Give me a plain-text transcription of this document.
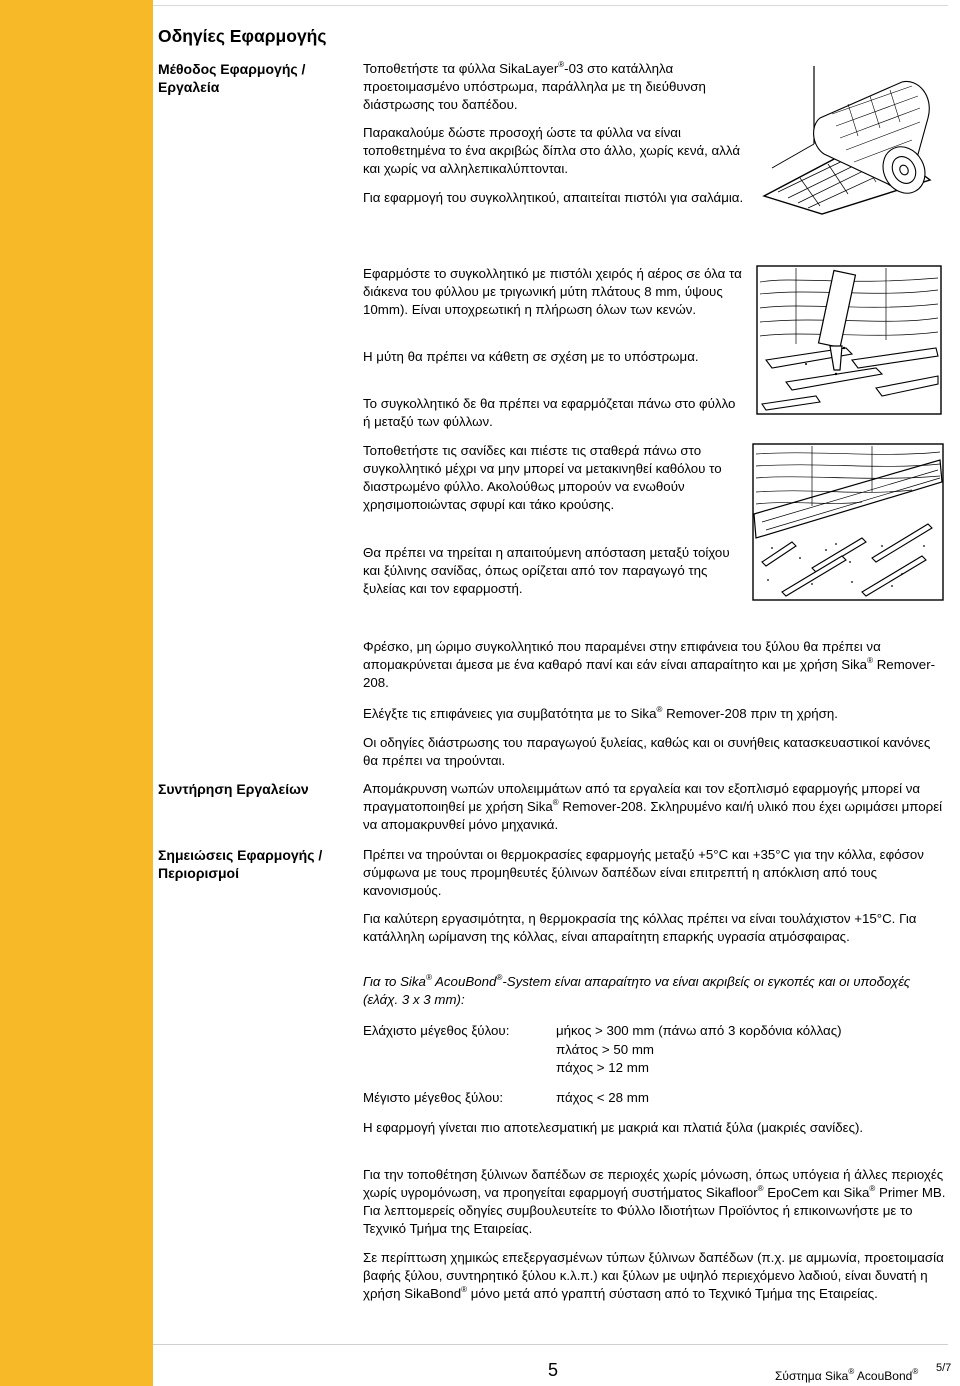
Οδηγίες Εφαρμογής

Μέθοδος Εφαρμογής / Εργαλεία

Τοποθετήστε τα φύλλα SikaLayer®-03 στο κατάλληλα προετοιμασμένο υπόστρωμα, παράλληλα με τη διεύθυνση διάστρωσης του δαπέδου.

Παρακαλούμε δώστε προσοχή ώστε τα φύλλα να είναι τοποθετημένα το ένα ακριβώς δίπλα στο άλλο, χωρίς κενά, αλλά και χωρίς να αλληλεπικαλύπτονται.

Για εφαρμογή του συγκολλητικού, απαιτείται πιστόλι για σαλάμια.

Εφαρμόστε το συγκολλητικό με πιστόλι χειρός ή αέρος σε όλα τα διάκενα του φύλλου με τριγωνική μύτη πλάτους 8 mm, ύψους 10mm). Είναι υποχρεωτική η πλήρωση όλων των κενών.

Η μύτη θα πρέπει να κάθετη σε σχέση με το υπόστρωμα.

Το συγκολλητικό δε θα πρέπει να εφαρμόζεται πάνω στο φύλλο ή μεταξύ των φύλλων.

Τοποθετήστε τις σανίδες και πιέστε τις σταθερά πάνω στο συγκολλητικό μέχρι να μην μπορεί να μετακινηθεί καθόλου το διαστρωμένο φύλλο. Ακολούθως μπορούν να ενωθούν χρησιμοποιώντας σφυρί και τάκο κρούσης.

Θα πρέπει να τηρείται η απαιτούμενη απόσταση μεταξύ τοίχου και ξύλινης σανίδας, όπως ορίζεται από τον παραγωγό της ξυλείας και τον εφαρμοστή.

Φρέσκο, μη ώριμο συγκολλητικό που παραμένει στην επιφάνεια του ξύλου θα πρέπει να απομακρύνεται άμεσα με ένα καθαρό πανί και εάν είναι απαραίτητο και με χρήση Sika® Remover-208.

Ελέγξτε τις επιφάνειες για συμβατότητα με το Sika® Remover-208 πριν τη χρήση.

Οι οδηγίες διάστρωσης του παραγωγού ξυλείας, καθώς και οι συνήθεις κατασκευαστικοί κανόνες θα πρέπει να τηρούνται.

Συντήρηση Εργαλείων	Απομάκρυνση νωπών υπολειμμάτων από τα εργαλεία και τον εξοπλισμό εφαρμογής μπορεί να πραγματοποιηθεί με χρήση Sika® Remover-208. Σκληρυμένο και/ή υλικό που έχει ωριμάσει μπορεί να απομακρυνθεί μόνο μηχανικά.

Σημειώσεις Εφαρμογής / Περιορισμοί

Πρέπει να τηρούνται οι θερμοκρασίες εφαρμογής μεταξύ +5°C και +35°C για την κόλλα, εφόσον σύμφωνα με τους προμηθευτές ξύλινων δαπέδων είναι επιτρεπτή η απόκλιση από τους κανονισμούς.

Για καλύτερη εργασιμότητα, η θερμοκρασία της κόλλας πρέπει να είναι τουλάχιστον +15°C. Για κατάλληλη ωρίμανση της κόλλας, είναι απαραίτητη επαρκής υγρασία ατμόσφαιρας.

Για το Sika® AcouBond®-System είναι απαραίτητο να είναι ακριβείς οι εγκοπές και οι υποδοχές (ελάχ. 3 x 3 mm):

Ελάχιστο μέγεθος ξύλου:	μήκος > 300 mm (πάνω από 3 κορδόνια κόλλας)
πλάτος > 50 mm
πάχος > 12 mm
Μέγιστο μέγεθος ξύλου:	πάχος < 28 mm

Η εφαρμογή γίνεται πιο αποτελεσματική με μακριά και πλατιά ξύλα (μακριές σανίδες).

Για την τοποθέτηση ξύλινων δαπέδων σε περιοχές χωρίς μόνωση, όπως υπόγεια ή άλλες περιοχές χωρίς υγρομόνωση, να προηγείται εφαρμογή συστήματος Sikafloor® EpoCem και Sika® Primer MB. Για λεπτομερείς οδηγίες συμβουλευτείτε το Φύλλο Ιδιοτήτων Προϊόντος ή επικοινωνήστε με το Τεχνικό Τμήμα της Εταιρείας.

Σε περίπτωση χημικώς επεξεργασμένων τύπων ξύλινων δαπέδων (π.χ. με αμμωνία, προετοιμασία βαφής ξύλου, συντηρητικό ξύλου κ.λ.π.) και ξύλων με υψηλό περιεχόμενο λαδιού, είναι δυνατή η χρήση SikaBond® μόνο μετά από γραπτή σύσταση από το Τεχνικό Τμήμα της Εταιρείας.

5	Σύστημα Sika® AcouBond® 5/7
